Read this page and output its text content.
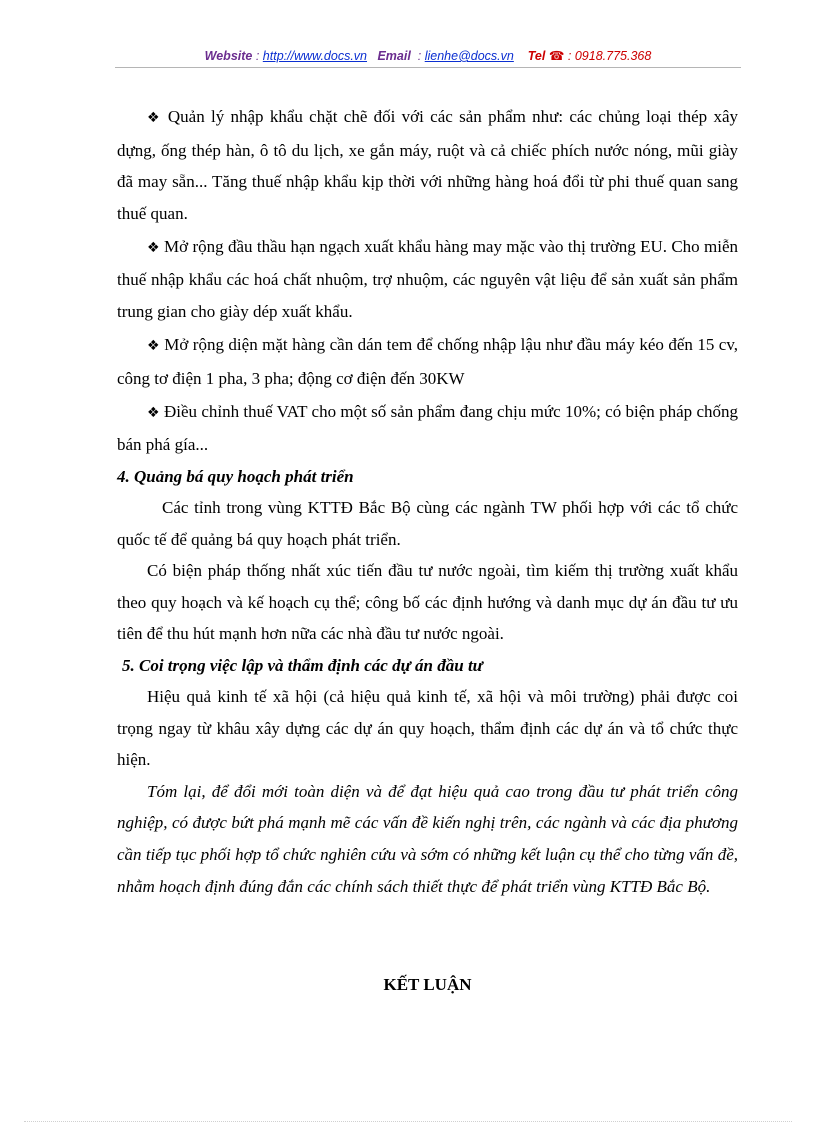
Website : http://www.docs.vn Email  : lienhe@docs.vn Tel ☎ : 0918.775.368

❖ Quản lý nhập khẩu chặt chẽ đối với các sản phẩm như: các chủng loại thép xây dựng, ống thép hàn, ô tô du lịch, xe gắn máy, ruột và cả chiếc phích nước nóng, mũi giày đã may sẵn... Tăng thuế nhập khẩu kịp thời với những hàng hoá đổi từ phi thuế quan sang thuế quan.

❖ Mở rộng đầu thầu hạn ngạch xuất khẩu hàng may mặc vào thị trường EU. Cho miễn thuế nhập khẩu các hoá chất nhuộm, trợ nhuộm, các nguyên vật liệu để sản xuất sản phẩm trung gian cho giày dép xuất khẩu.

❖ Mở rộng diện mặt hàng cần dán tem để chống nhập lậu như đầu máy kéo đến 15 cv, công tơ điện 1 pha, 3 pha; động cơ điện đến 30KW

❖ Điều chỉnh thuế VAT cho một số sản phẩm đang chịu mức 10%; có biện pháp chống bán phá gía...

4. Quảng bá quy hoạch phát triển

Các tỉnh trong vùng KTTĐ Bắc Bộ cùng các ngành TW phối hợp với các tổ chức quốc tế để quảng bá quy hoạch phát triển.

Có biện pháp thống nhất xúc tiến đầu tư nước ngoài, tìm kiếm thị trường xuất khẩu theo quy hoạch và kế hoạch cụ thể; công bố các định hướng và danh mục dự án đầu tư ưu tiên để thu hút mạnh hơn nữa các nhà đầu tư nước ngoài.

5. Coi trọng việc lập và thẩm định các dự án đầu tư

Hiệu quả kinh tế xã hội (cả hiệu quả kinh tế, xã hội và môi trường) phải được coi trọng ngay từ khâu xây dựng các dự án quy hoạch, thẩm định các dự án và tổ chức thực hiện.

Tóm lại, để đổi mới toàn diện và để đạt hiệu quả cao trong đầu tư phát triển công nghiệp, có được bứt phá mạnh mẽ các vấn đề kiến nghị trên, các ngành và các địa phương cần tiếp tục phối hợp tổ chức nghiên cứu và sớm có những kết luận cụ thể cho từng vấn đề, nhằm hoạch định đúng đắn các chính sách thiết thực để phát triển vùng KTTĐ Bắc Bộ.

KẾT LUẬN
